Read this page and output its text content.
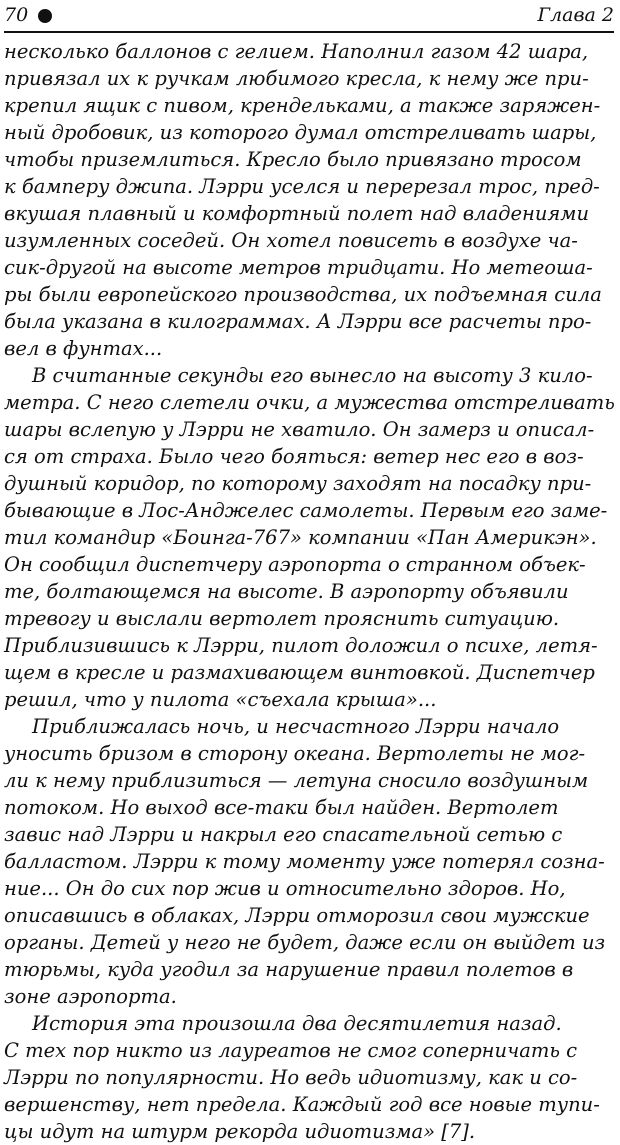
70	Глава 2
несколько баллонов с гелием. Наполнил газом 42 шара,
привязал их к ручкам любимого кресла, к нему же при-
крепил ящик с пивом, крендельками, а также заряжен-
ный дробовик, из которого думал отстреливать шары,
чтобы приземлиться. Кресло было привязано тросом
к бамперу джипа. Лэрри уселся и перерезал трос, пред-
вкушая плавный и комфортный полет над владениями
изумленных соседей. Он хотел повисеть в воздухе ча-
сик-другой на высоте метров тридцати. Но метеоша-
ры были европейского производства, их подъемная сила
была указана в килограммах. А Лэрри все расчеты про-
вел в фунтах...
В считанные секунды его вынесло на высоту 3 кило-
метра. С него слетели очки, а мужества отстреливать
шары вслепую у Лэрри не хватило. Он замерз и описал-
ся от страха. Было чего бояться: ветер нес его в воз-
душный коридор, по которому заходят на посадку при-
бывающие в Лос-Анджелес самолеты. Первым его заме-
тил командир «Боинга-767» компании «Пан Америкэн».
Он сообщил диспетчеру аэропорта о странном объек-
те, болтающемся на высоте. В аэропорту объявили
тревогу и выслали вертолет прояснить ситуацию.
Приблизившись к Лэрри, пилот доложил о психе, летя-
щем в кресле и размахивающем винтовкой. Диспетчер
решил, что у пилота «съехала крыша»...
Приближалась ночь, и несчастного Лэрри начало
уносить бризом в сторону океана. Вертолеты не мог-
ли к нему приблизиться — летуна сносило воздушным
потоком. Но выход все-таки был найден. Вертолет
завис над Лэрри и накрыл его спасательной сетью с
балластом. Лэрри к тому моменту уже потерял созна-
ние... Он до сих пор жив и относительно здоров. Но,
описавшись в облаках, Лэрри отморозил свои мужские
органы. Детей у него не будет, даже если он выйдет из
тюрьмы, куда угодил за нарушение правил полетов в
зоне аэропорта.
История эта произошла два десятилетия назад.
С тех пор никто из лауреатов не смог соперничать с
Лэрри по популярности. Но ведь идиотизму, как и со-
вершенству, нет предела. Каждый год все новые тупи-
цы идут на штурм рекорда идиотизма» [7].
